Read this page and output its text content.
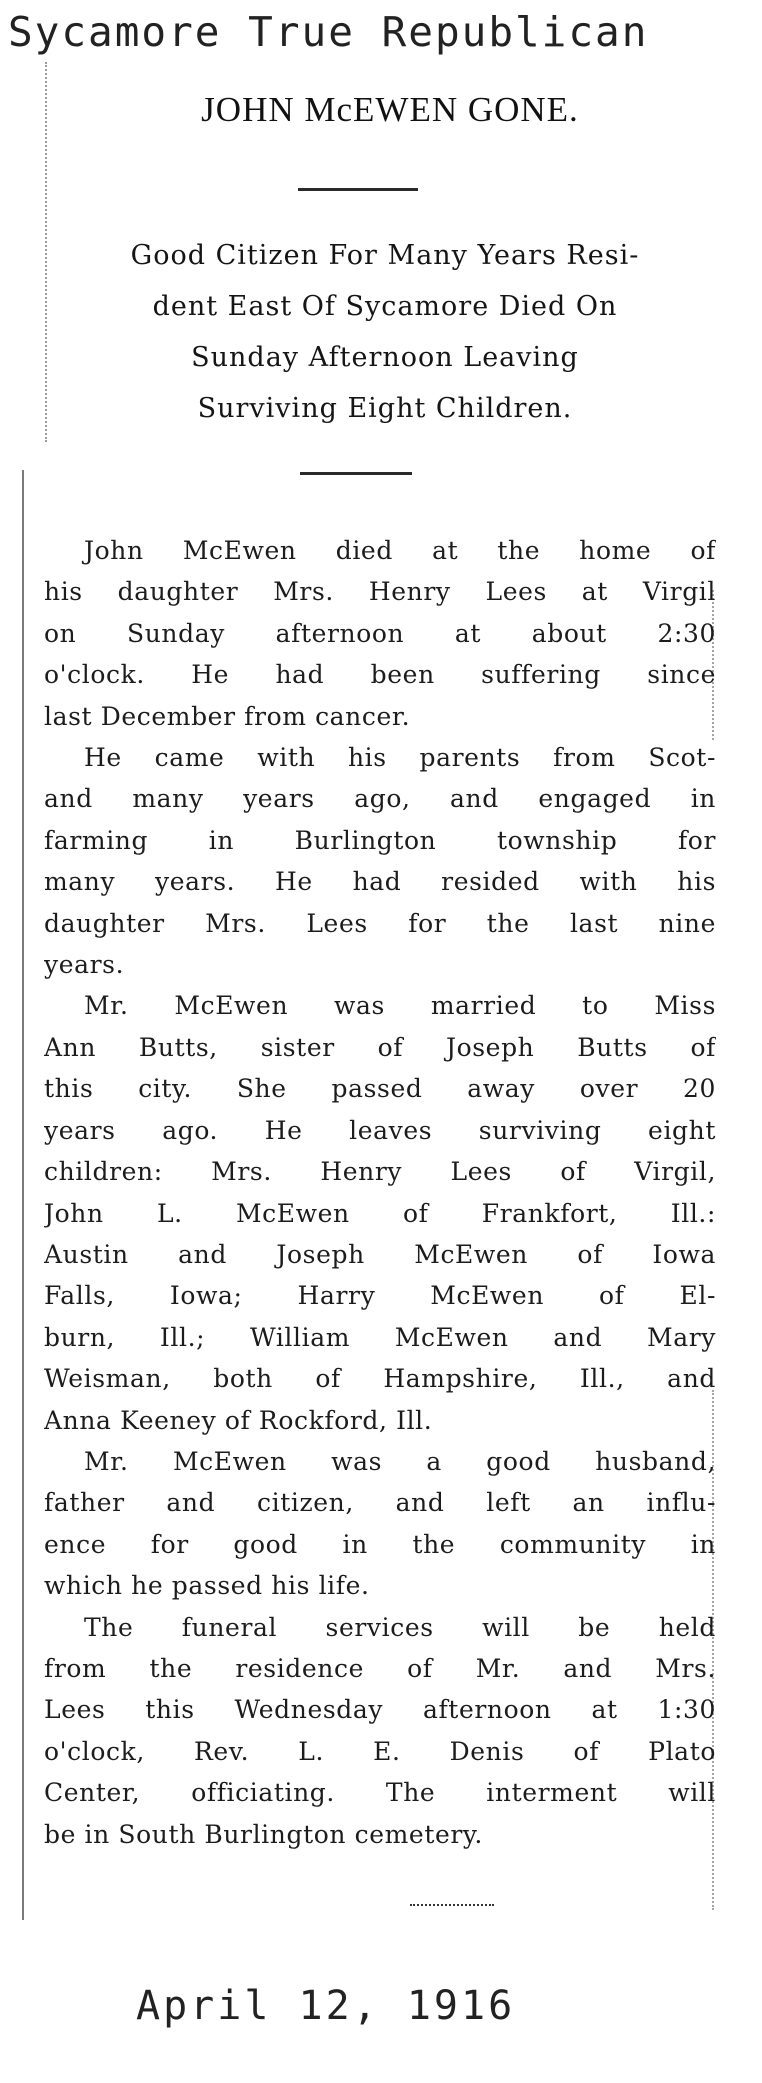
Sycamore True Republican
JOHN McEWEN GONE.
Good Citizen For Many Years Resi-
dent East Of Sycamore Died On
Sunday Afternoon Leaving
Surviving Eight Children.

John McEwen died at the home of
his daughter Mrs. Henry Lees at Virgil
on Sunday afternoon at about 2:30
o'clock. He had been suffering since
last December from cancer.

He came with his parents from Scot-
and many years ago, and engaged in
farming in Burlington township for
many years. He had resided with his
daughter Mrs. Lees for the last nine
years.

Mr. McEwen was married to Miss
Ann Butts, sister of Joseph Butts of
this city. She passed away over 20
years ago. He leaves surviving eight
children: Mrs. Henry Lees of Virgil,
John L. McEwen of Frankfort, Ill.:
Austin and Joseph McEwen of Iowa
Falls, Iowa; Harry McEwen of El-
burn, Ill.; William McEwen and Mary
Weisman, both of Hampshire, Ill., and
Anna Keeney of Rockford, Ill.

Mr. McEwen was a good husband,
father and citizen, and left an influ-
ence for good in the community in
which he passed his life.

The funeral services will be held
from the residence of Mr. and Mrs.
Lees this Wednesday afternoon at 1:30
o'clock, Rev. L. E. Denis of Plato
Center, officiating. The interment will
be in South Burlington cemetery.

April 12, 1916
